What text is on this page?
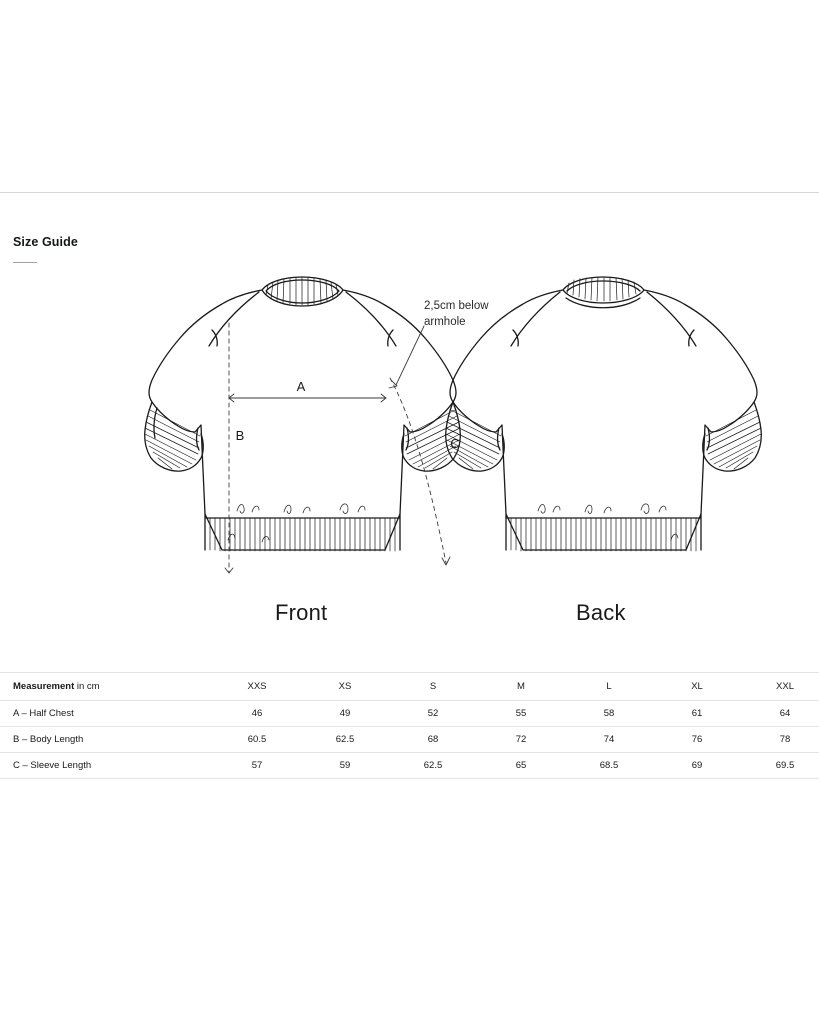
Size Guide
A
B
C
2,5cm below
armhole
Front	Back
Measurement in cm	XXS	XS	S	M	L	XL	XXL
A – Half Chest	46	49	52	55	58	61	64
B – Body Length	60.5	62.5	68	72	74	76	78
C – Sleeve Length	57	59	62.5	65	68.5	69	69.5
